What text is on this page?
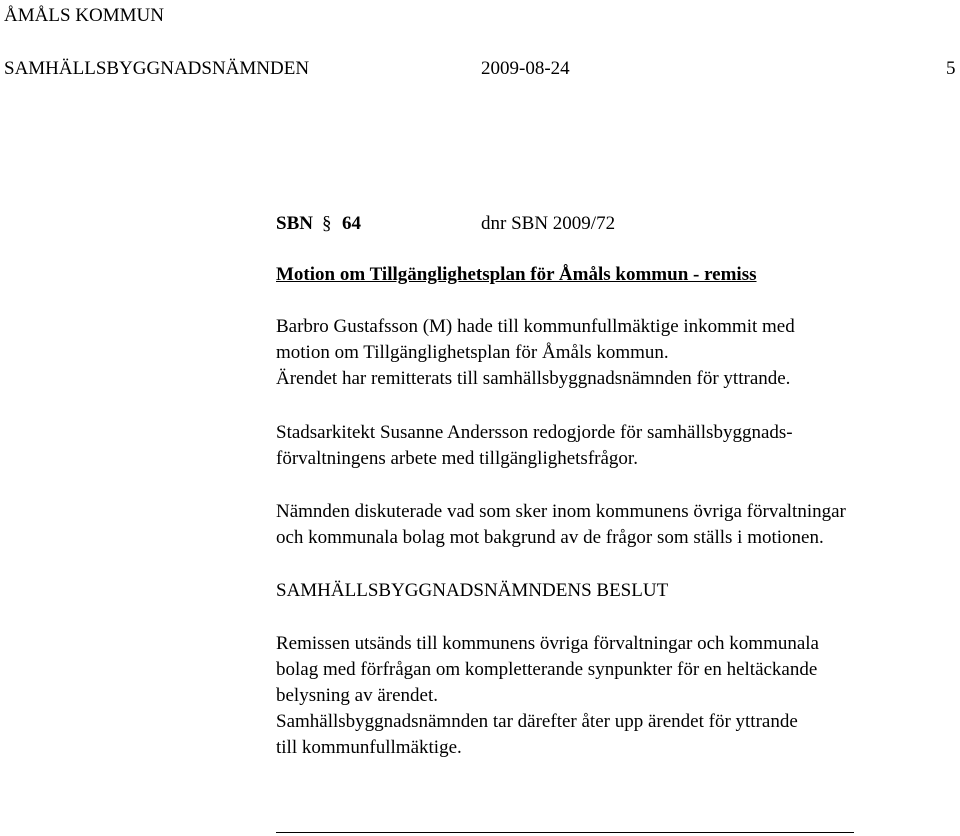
ÅMÅLS KOMMUN
SAMHÄLLSBYGGNADSNÄMNDEN	2009-08-24	5
SBN § 64	dnr SBN 2009/72
Motion om Tillgänglighetsplan för Åmåls kommun - remiss
Barbro Gustafsson (M) hade till kommunfullmäktige inkommit med
motion om Tillgänglighetsplan för Åmåls kommun.
Ärendet har remitterats till samhällsbyggnadsnämnden för yttrande.
Stadsarkitekt Susanne Andersson redogjorde för samhällsbyggnads-
förvaltningens arbete med tillgänglighetsfrågor.
Nämnden diskuterade vad som sker inom kommunens övriga förvaltningar
och kommunala bolag mot bakgrund av de frågor som ställs i motionen.
SAMHÄLLSBYGGNADSNÄMNDENS BESLUT
Remissen utsänds till kommunens övriga förvaltningar och kommunala
bolag med förfrågan om kompletterande synpunkter för en heltäckande
belysning av ärendet.
Samhällsbyggnadsnämnden tar därefter åter upp ärendet för yttrande
till kommunfullmäktige.
